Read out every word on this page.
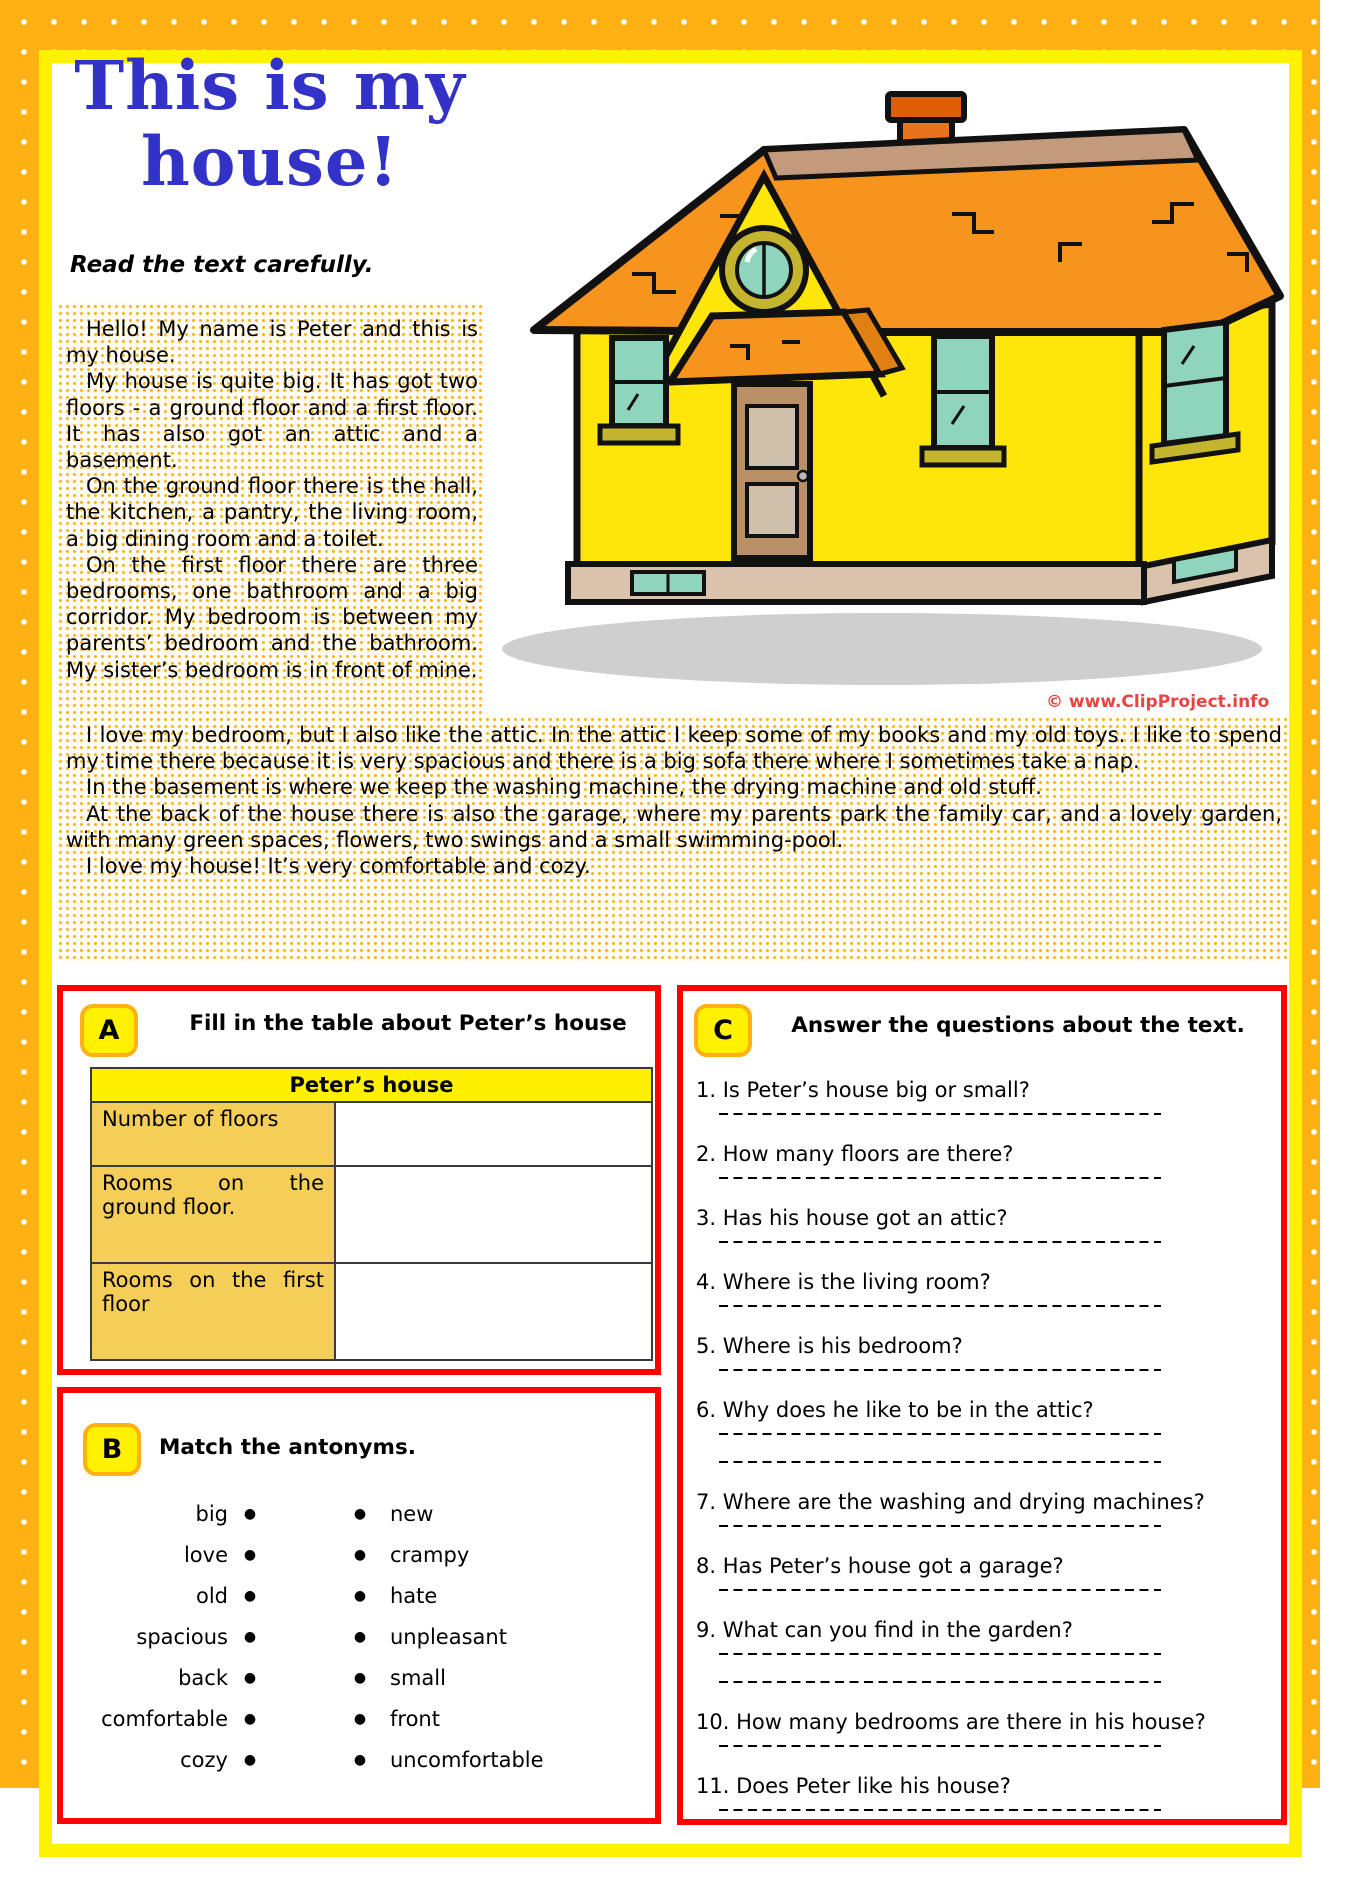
This is my
house!
Read the text carefully.
© www.ClipProject.info

Hello! My name is Peter and this is my house.

My house is quite big. It has got two floors - a ground floor and a first floor. It has also got an attic and a basement.

On the ground floor there is the hall, the kitchen, a pantry, the living room, a big dining room and a toilet.

On the first floor there are three bedrooms, one bathroom and a big corridor. My bedroom is between my parents’ bedroom and the bathroom. My sister’s bedroom is in front of mine.

I love my bedroom, but I also like the attic. In the attic I keep some of my books and my old toys. I like to spend my time there because it is very spacious and there is a big sofa there where I sometimes take a nap.

In the basement is where we keep the washing machine, the drying machine and old stuff.

At the back of the house there is also the garage, where my parents park the family car, and a lovely garden, with many green spaces, flowers, two swings and a small swimming-pool.

I love my house! It’s very comfortable and cozy.

A	Fill in the table about Peter’s house
Peter’s house	
Number of floors	
Rooms on the ground floor.	
Rooms on the first floor	
B	Match the antonyms.
big	●	●	new
love	●	●	crampy
old	●	●	hate
spacious	●	●	unpleasant
back	●	●	small
comfortable	●	●	front
cozy	●	●	uncomfortable
C	Answer the questions about the text.

1. Is Peter’s house big or small?

2. How many floors are there?

3. Has his house got an attic?

4. Where is the living room?

5. Where is his bedroom?

6. Why does he like to be in the attic?

7. Where are the washing and drying machines?

8. Has Peter’s house got a garage?

9. What can you find in the garden?

10. How many bedrooms are there in his house?

11. Does Peter like his house?
